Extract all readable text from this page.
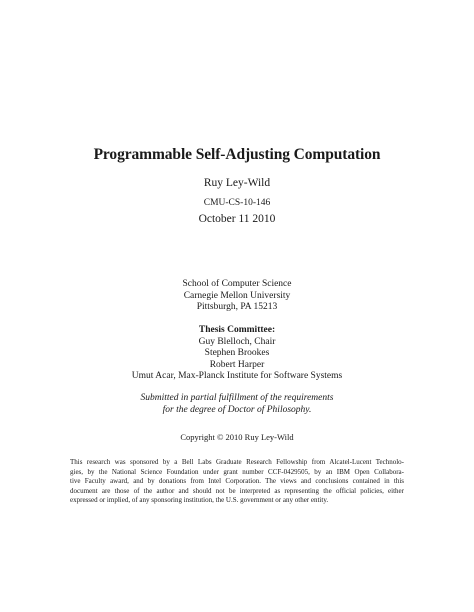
Programmable Self-Adjusting Computation
Ruy Ley-Wild
CMU-CS-10-146
October 11 2010
School of Computer Science
Carnegie Mellon University
Pittsburgh, PA 15213
Thesis Committee:
Guy Blelloch, Chair
Stephen Brookes
Robert Harper
Umut Acar, Max-Planck Institute for Software Systems
Submitted in partial fulfillment of the requirements
for the degree of Doctor of Philosophy.
Copyright © 2010 Ruy Ley-Wild
This research was sponsored by a Bell Labs Graduate Research Fellowship from Alcatel-Lucent Technolo-
gies, by the National Science Foundation under grant number CCF-0429505, by an IBM Open Collabora-
tive Faculty award, and by donations from Intel Corporation. The views and conclusions contained in this
document are those of the author and should not be interpreted as representing the official policies, either
expressed or implied, of any sponsoring institution, the U.S. government or any other entity.
